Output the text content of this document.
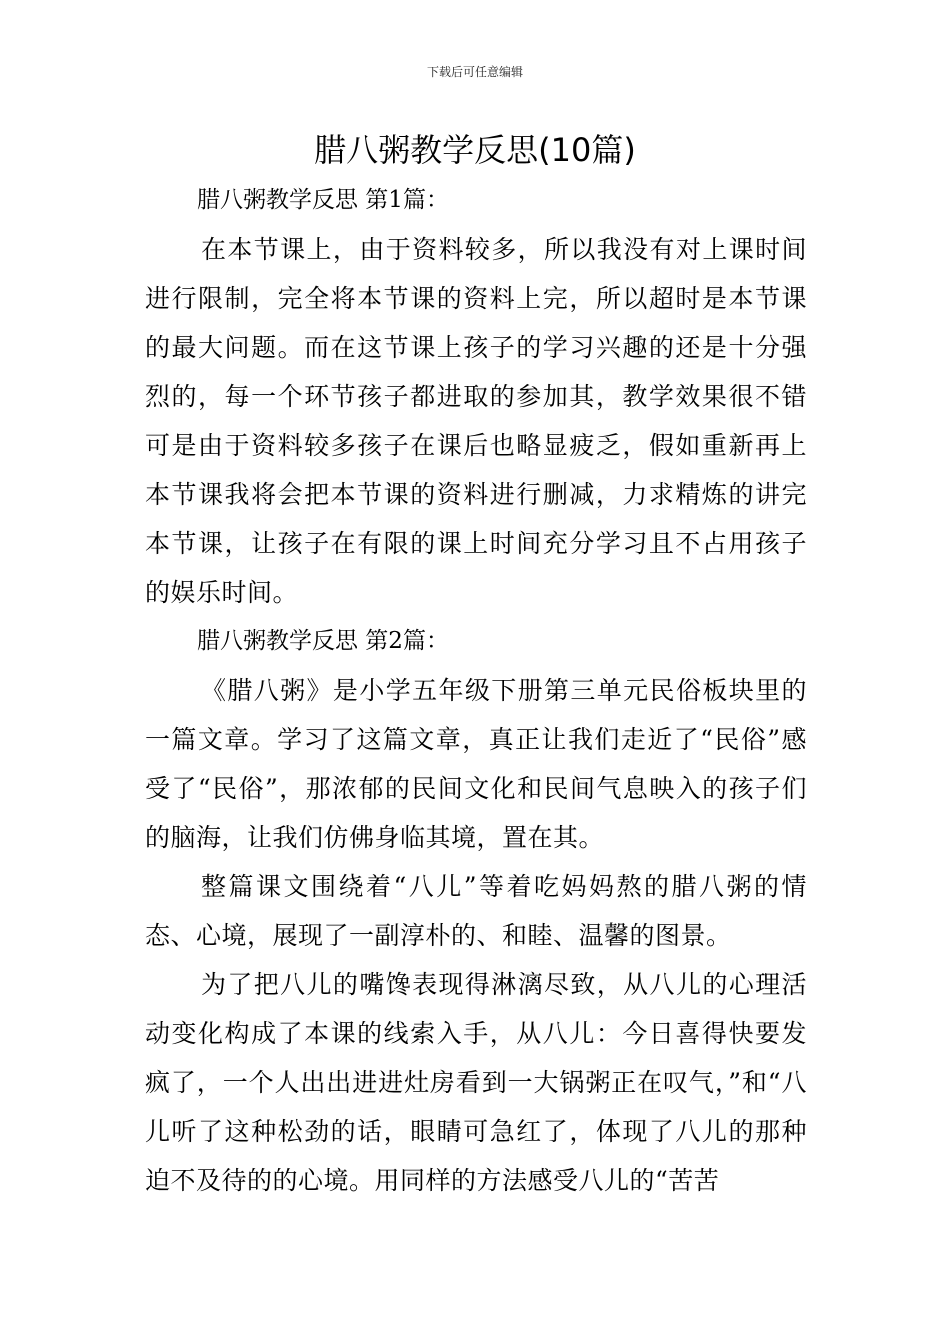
下载后可任意编辑
腊八粥教学反思(10篇)

腊八粥教学反思 第1篇：

在本节课上，由于资料较多，所以我没有对上课时间进行限制，完全将本节课的资料上完，所以超时是本节课的最大问题。而在这节课上孩子的学习兴趣的还是十分强烈的，每一个环节孩子都进取的参加其，教学效果很不错可是由于资料较多孩子在课后也略显疲乏，假如重新再上本节课我将会把本节课的资料进行删减，力求精炼的讲完本节课，让孩子在有限的课上时间充分学习且不占用孩子的娱乐时间。

腊八粥教学反思 第2篇：

《腊八粥》是小学五年级下册第三单元民俗板块里的一篇文章。学习了这篇文章，真正让我们走近了“民俗”感受了“民俗”，那浓郁的民间文化和民间气息映入的孩子们的脑海，让我们仿佛身临其境，置在其。

整篇课文围绕着“八儿”等着吃妈妈熬的腊八粥的情态、心境，展现了一副淳朴的、和睦、温馨的图景。

为了把八儿的嘴馋表现得淋漓尽致，从八儿的心理活动变化构成了本课的线索入手，从八儿：今日喜得快要发疯了，一个人出出进进灶房看到一大锅粥正在叹气，”和“八儿听了这种松劲的话，眼睛可急红了，体现了八儿的那种迫不及待的的心境。用同样的方法感受八儿的“苦苦
